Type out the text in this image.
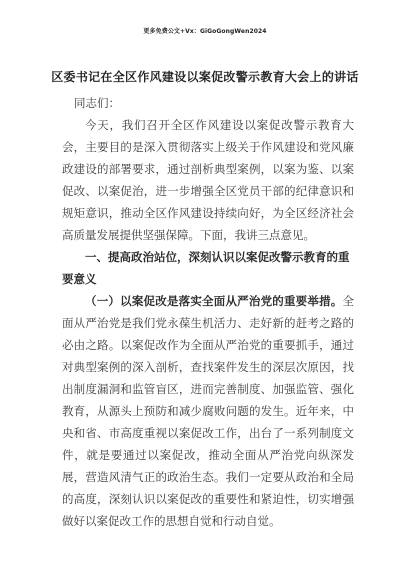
更多免费公文+Vx：GiGoGongWen2024
区委书记在全区作风建设以案促改警示教育大会上的讲话

同志们：

今天，我们召开全区作风建设以案促改警示教育大会，主要目的是深入贯彻落实上级关于作风建设和党风廉政建设的部署要求，通过剖析典型案例，以案为鉴、以案促改、以案促治，进一步增强全区党员干部的纪律意识和规矩意识，推动全区作风建设持续向好，为全区经济社会高质量发展提供坚强保障。下面，我讲三点意见。

一、提高政治站位，深刻认识以案促改警示教育的重要意义

（一）以案促改是落实全面从严治党的重要举措。全面从严治党是我们党永葆生机活力、走好新的赶考之路的必由之路。以案促改作为全面从严治党的重要抓手，通过对典型案例的深入剖析，查找案件发生的深层次原因，找出制度漏洞和监管盲区，进而完善制度、加强监管、强化教育，从源头上预防和减少腐败问题的发生。近年来，中央和省、市高度重视以案促改工作，出台了一系列制度文件，就是要通过以案促改，推动全面从严治党向纵深发展，营造风清气正的政治生态。我们一定要从政治和全局的高度，深刻认识以案促改的重要性和紧迫性，切实增强做好以案促改工作的思想自觉和行动自觉。
